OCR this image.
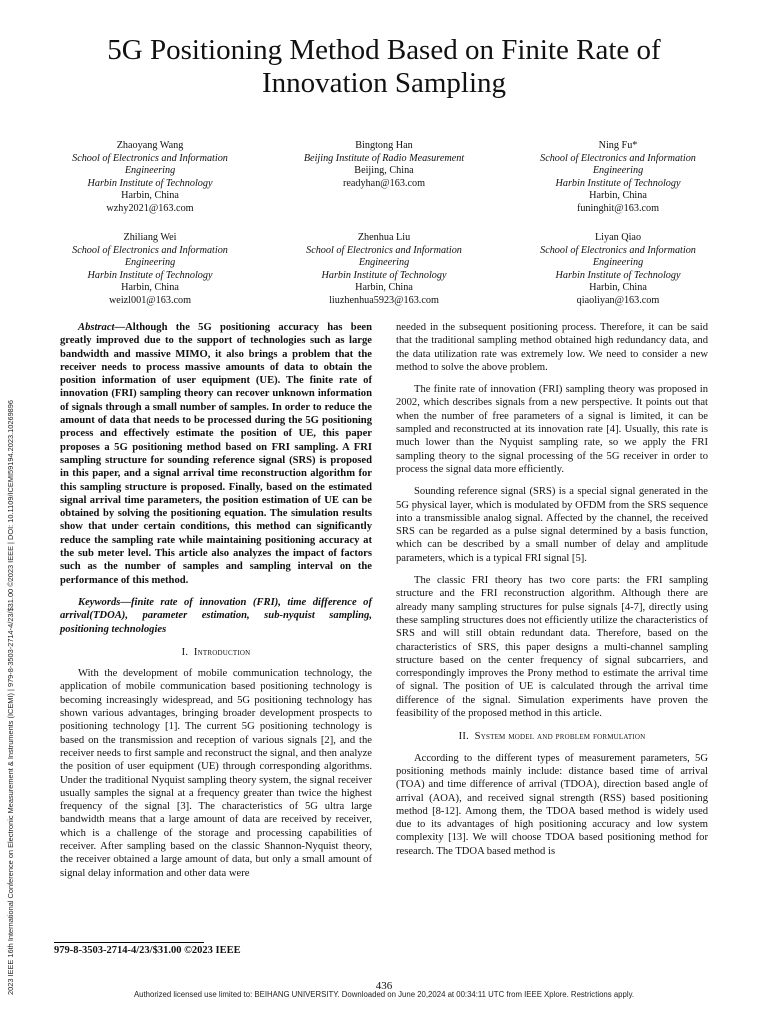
5G Positioning Method Based on Finite Rate of
Innovation Sampling
Zhaoyang Wang
School of Electronics and Information
Engineering
Harbin Institute of Technology
Harbin, China
wzhy2021@163.com
Bingtong Han
Beijing Institute of Radio Measurement
Beijing, China
readyhan@163.com
Ning Fu*
School of Electronics and Information
Engineering
Harbin Institute of Technology
Harbin, China
funinghit@163.com
Zhiliang Wei
School of Electronics and Information
Engineering
Harbin Institute of Technology
Harbin, China
weizl001@163.com
Zhenhua Liu
School of Electronics and Information
Engineering
Harbin Institute of Technology
Harbin, China
liuzhenhua5923@163.com
Liyan Qiao
School of Electronics and Information
Engineering
Harbin Institute of Technology
Harbin, China
qiaoliyan@163.com
2023 IEEE 16th International Conference on Electronic Measurement & Instruments (ICEMI) | 979-8-3503-2714-4/23/$31.00 ©2023 IEEE | DOI: 10.1109/ICEMI59194.2023.10269896

Abstract—Although the 5G positioning accuracy has been greatly improved due to the support of technologies such as large bandwidth and massive MIMO, it also brings a problem that the receiver needs to process massive amounts of data to obtain the position information of user equipment (UE). The finite rate of innovation (FRI) sampling theory can recover unknown information of signals through a small number of samples. In order to reduce the amount of data that needs to be processed during the 5G positioning process and effectively estimate the position of UE, this paper proposes a 5G positioning method based on FRI sampling. A FRI sampling structure for sounding reference signal (SRS) is proposed in this paper, and a signal arrival time reconstruction algorithm for this sampling structure is proposed. Finally, based on the estimated signal arrival time parameters, the position estimation of UE can be obtained by solving the positioning equation. The simulation results show that under certain conditions, this method can significantly reduce the sampling rate while maintaining positioning accuracy at the sub meter level. This article also analyzes the impact of factors such as the number of samples and sampling interval on the performance of this method.

Keywords—finite rate of innovation (FRI), time difference of arrival(TDOA), parameter estimation, sub-nyquist sampling, positioning technologies

I. Introduction

With the development of mobile communication technology, the application of mobile communication based positioning technology is becoming increasingly widespread, and 5G positioning technology has shown various advantages, bringing broader development prospects to positioning technology [1]. The current 5G positioning technology is based on the transmission and reception of various signals [2], and the receiver needs to first sample and reconstruct the signal, and then analyze the position of user equipment (UE) through corresponding algorithms. Under the traditional Nyquist sampling theory system, the signal receiver usually samples the signal at a frequency greater than twice the highest frequency of the signal [3]. The characteristics of 5G ultra large bandwidth means that a large amount of data are received by receiver, which is a challenge of the storage and processing capabilities of receiver. After sampling based on the classic Shannon-Nyquist theory, the receiver obtained a large amount of data, but only a small amount of signal delay information and other data were

needed in the subsequent positioning process. Therefore, it can be said that the traditional sampling method obtained high redundancy data, and the data utilization rate was extremely low. We need to consider a new method to solve the above problem.

The finite rate of innovation (FRI) sampling theory was proposed in 2002, which describes signals from a new perspective. It points out that when the number of free parameters of a signal is limited, it can be sampled and reconstructed at its innovation rate [4]. Usually, this rate is much lower than the Nyquist sampling rate, so we apply the FRI sampling theory to the signal processing of the 5G receiver in order to process the signal data more efficiently.

Sounding reference signal (SRS) is a special signal generated in the 5G physical layer, which is modulated by OFDM from the SRS sequence into a transmissible analog signal. Affected by the channel, the received SRS can be regarded as a pulse signal determined by a basis function, which can be described by a small number of delay and amplitude parameters, which is a typical FRI signal [5].

The classic FRI theory has two core parts: the FRI sampling structure and the FRI reconstruction algorithm. Although there are already many sampling structures for pulse signals [4-7], directly using these sampling structures does not efficiently utilize the characteristics of SRS and will still obtain redundant data. Therefore, based on the characteristics of SRS, this paper designs a multi-channel sampling structure based on the center frequency of signal subcarriers, and correspondingly improves the Prony method to estimate the arrival time of signal. The position of UE is calculated through the arrival time difference of the signal. Simulation experiments have proven the feasibility of the proposed method in this article.

II. System model and problem formulation

According to the different types of measurement parameters, 5G positioning methods mainly include: distance based time of arrival (TOA) and time difference of arrival (TDOA), direction based angle of arrival (AOA), and received signal strength (RSS) based positioning method [8-12]. Among them, the TDOA based method is widely used due to its advantages of high positioning accuracy and low system complexity [13]. We will choose TDOA based positioning method for research. The TDOA based method is

979-8-3503-2714-4/23/$31.00 ©2023 IEEE
436
Authorized licensed use limited to: BEIHANG UNIVERSITY. Downloaded on June 20,2024 at 00:34:11 UTC from IEEE Xplore. Restrictions apply.
